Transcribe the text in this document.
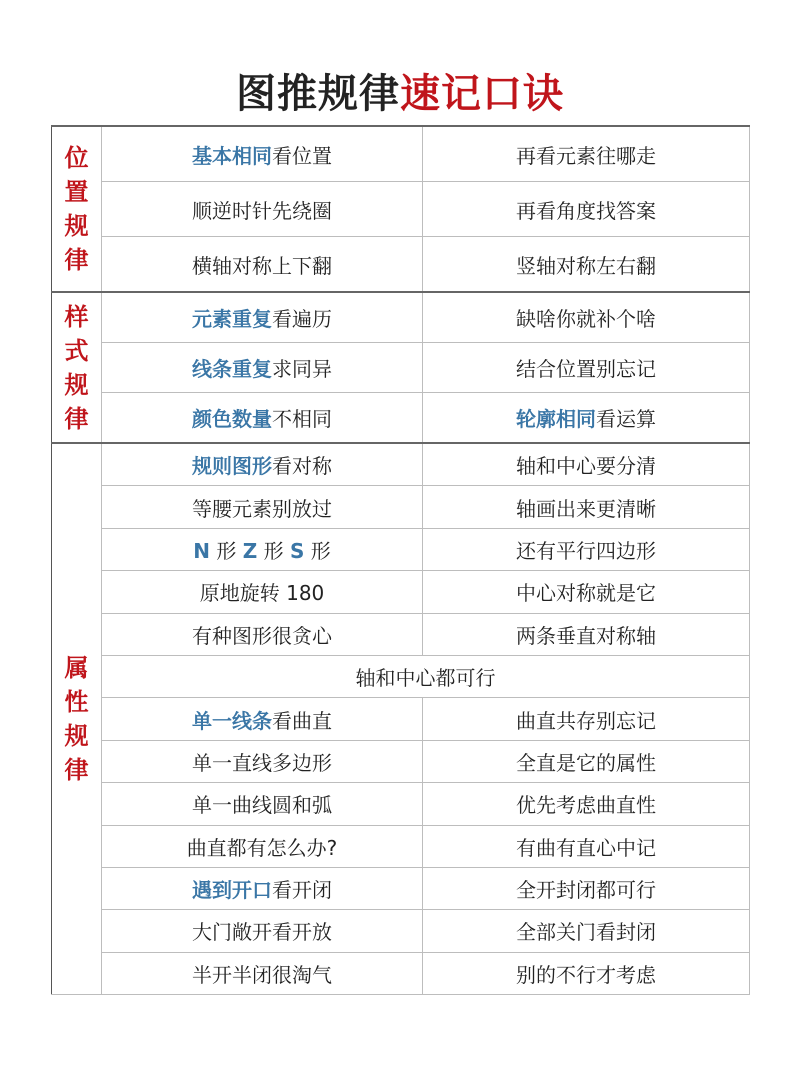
图推规律速记口诀
位
置
规
律	基本相同看位置	再看元素往哪走
	顺逆时针先绕圈	再看角度找答案
	横轴对称上下翻	竖轴对称左右翻

样
式
规
律	元素重复看遍历	缺啥你就补个啥
	线条重复求同异	结合位置别忘记
	颜色数量不相同	轮廓相同看运算

属
性
规
律	规则图形看对称	轴和中心要分清
	等腰元素别放过	轴画出来更清晰
	N 形 Z 形 S 形	还有平行四边形
	原地旋转 180	中心对称就是它
	有种图形很贪心	两条垂直对称轴
	轴和中心都可行	
	单一线条看曲直	曲直共存别忘记
	单一直线多边形	全直是它的属性
	单一曲线圆和弧	优先考虑曲直性
	曲直都有怎么办?	有曲有直心中记
	遇到开口看开闭	全开封闭都可行
	大门敞开看开放	全部关门看封闭
	半开半闭很淘气	别的不行才考虑
